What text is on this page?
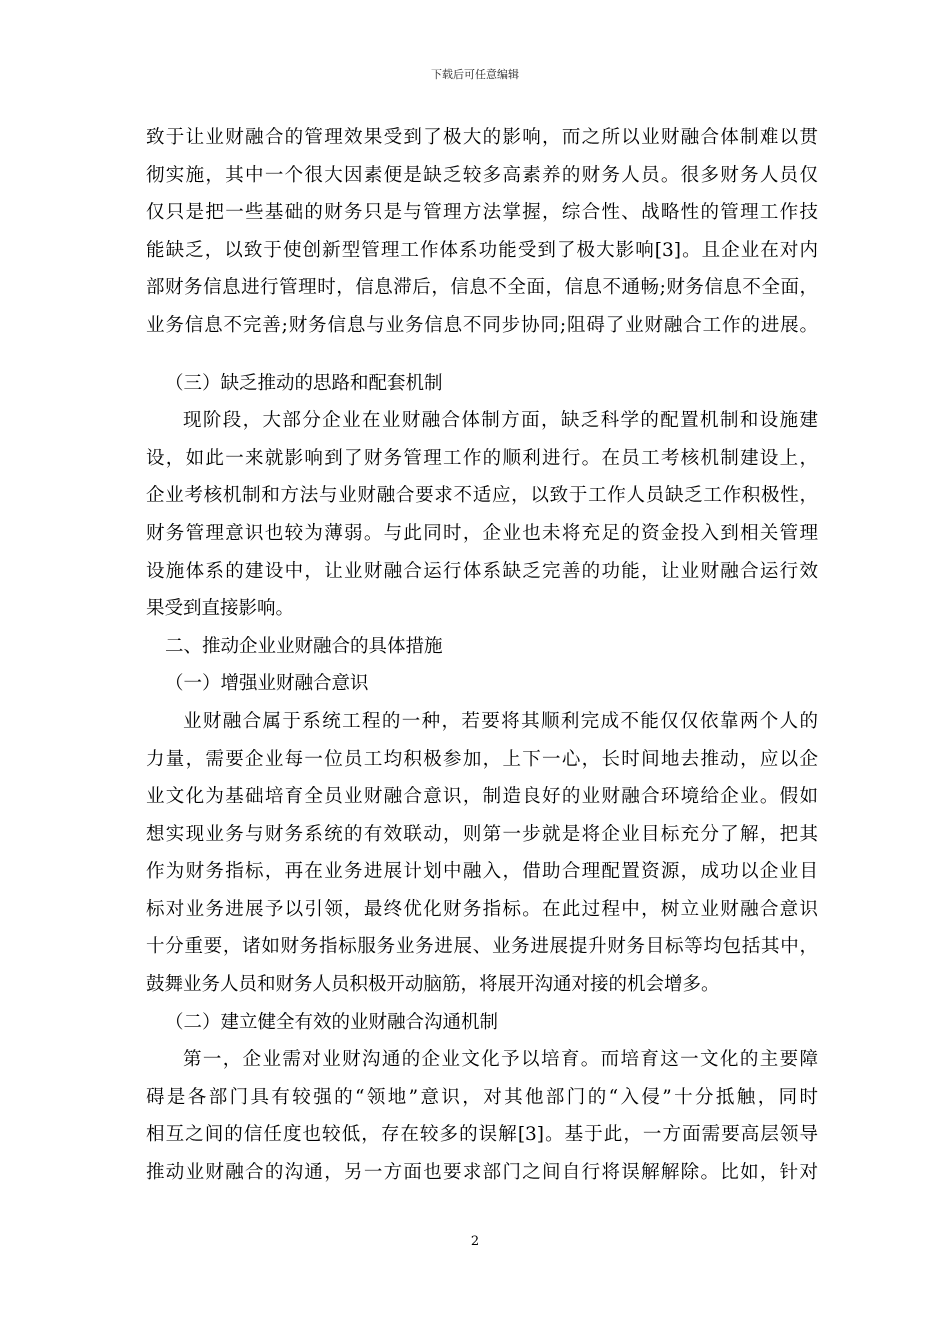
下载后可任意编辑
致于让业财融合的管理效果受到了极大的影响，而之所以业财融合体制难以贯
彻实施，其中一个很大因素便是缺乏较多高素养的财务人员。很多财务人员仅
仅只是把一些基础的财务只是与管理方法掌握，综合性、战略性的管理工作技
能缺乏，以致于使创新型管理工作体系功能受到了极大影响[3]。且企业在对内
部财务信息进行管理时，信息滞后，信息不全面，信息不通畅;财务信息不全面，
业务信息不完善;财务信息与业务信息不同步协同;阻碍了业财融合工作的进展。
（三）缺乏推动的思路和配套机制
现阶段，大部分企业在业财融合体制方面，缺乏科学的配置机制和设施建
设，如此一来就影响到了财务管理工作的顺利进行。在员工考核机制建设上，
企业考核机制和方法与业财融合要求不适应，以致于工作人员缺乏工作积极性，
财务管理意识也较为薄弱。与此同时，企业也未将充足的资金投入到相关管理
设施体系的建设中，让业财融合运行体系缺乏完善的功能，让业财融合运行效
果受到直接影响。
二、推动企业业财融合的具体措施
（一）增强业财融合意识
业财融合属于系统工程的一种，若要将其顺利完成不能仅仅依靠两个人的
力量，需要企业每一位员工均积极参加，上下一心，长时间地去推动，应以企
业文化为基础培育全员业财融合意识，制造良好的业财融合环境给企业。假如
想实现业务与财务系统的有效联动，则第一步就是将企业目标充分了解，把其
作为财务指标，再在业务进展计划中融入，借助合理配置资源，成功以企业目
标对业务进展予以引领，最终优化财务指标。在此过程中，树立业财融合意识
十分重要，诸如财务指标服务业务进展、业务进展提升财务目标等均包括其中，
鼓舞业务人员和财务人员积极开动脑筋，将展开沟通对接的机会增多。
（二）建立健全有效的业财融合沟通机制
第一，企业需对业财沟通的企业文化予以培育。而培育这一文化的主要障
碍是各部门具有较强的“领地”意识，对其他部门的“入侵”十分抵触，同时
相互之间的信任度也较低，存在较多的误解[3]。基于此，一方面需要高层领导
推动业财融合的沟通，另一方面也要求部门之间自行将误解解除。比如，针对
2
